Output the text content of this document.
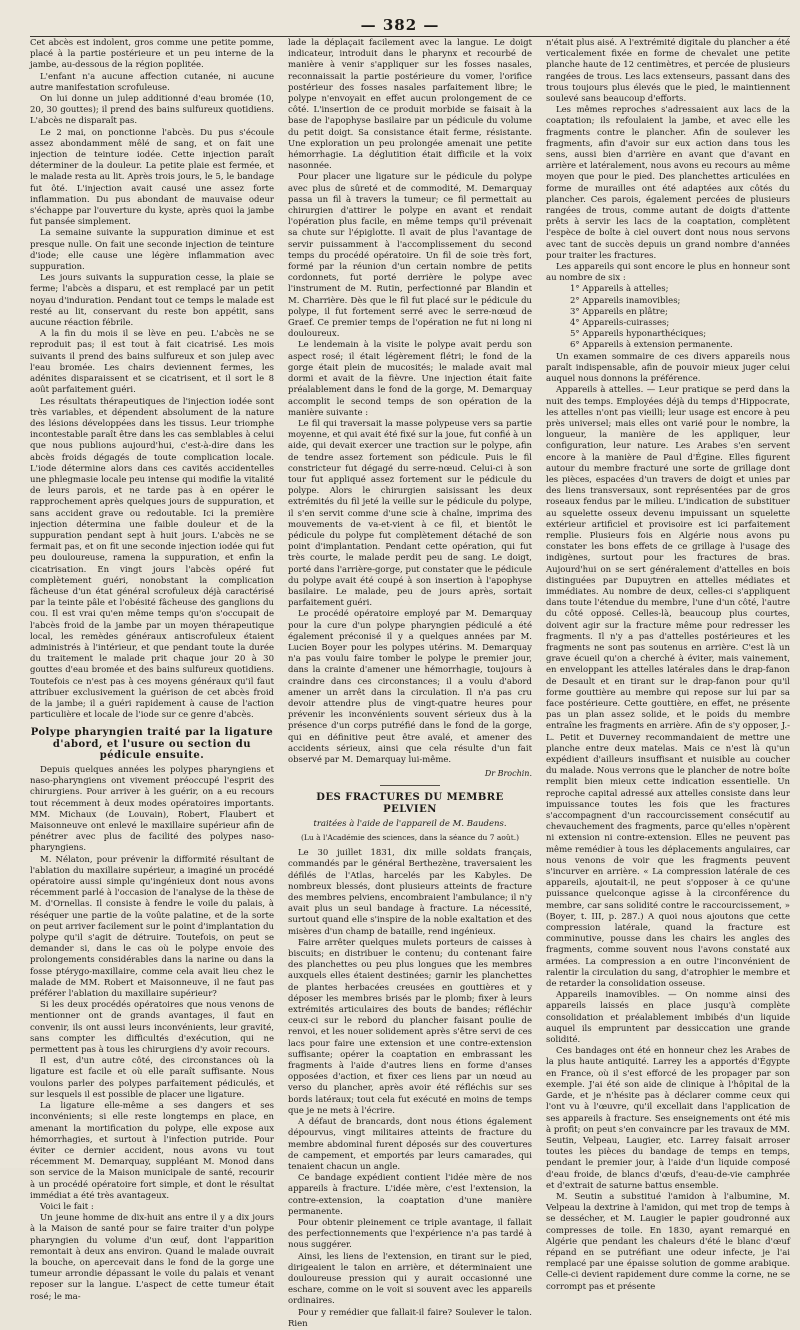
— 382 —

Cet abcès est indolent, gros comme une petite pomme, placé à la partie postérieure et un peu interne de la jambe, au-dessous de la région poplitée.

L'enfant n'a aucune affection cutanée, ni aucune autre manifestation scrofuleuse.

On lui donne un julep additionné d'eau bromée (10, 20, 30 gouttes); il prend des bains sulfureux quotidiens. L'abcès ne disparaît pas.

Le 2 mai, on ponctionne l'abcès. Du pus s'écoule assez abondamment mêlé de sang, et on fait une injection de teinture iodée. Cette injection paraît déterminer de la douleur. La petite plaie est fermée, et le malade resta au lit. Après trois jours, le 5, le bandage fut ôté. L'injection avait causé une assez forte inflammation. Du pus abondant de mauvaise odeur s'échappe par l'ouverture du kyste, après quoi la jambe fut pansée simplement.

La semaine suivante la suppuration diminue et est presque nulle. On fait une seconde injection de teinture d'iode; elle cause une légère inflammation avec suppuration.

Les jours suivants la suppuration cesse, la plaie se ferme; l'abcès a disparu, et est remplacé par un petit noyau d'induration. Pendant tout ce temps le malade est resté au lit, conservant du reste bon appétit, sans aucune réaction fébrile.

A la fin du mois il se lève en peu. L'abcès ne se reproduit pas; il est tout à fait cicatrisé. Les mois suivants il prend des bains sulfureux et son julep avec l'eau bromée. Les chairs deviennent fermes, les adénites disparaissent et se cicatrisent, et il sort le 8 août parfaitement guéri.

Les résultats thérapeutiques de l'injection iodée sont très variables, et dépendent absolument de la nature des lésions développées dans les tissus. Leur triomphe incontestable paraît être dans les cas semblables à celui que nous publions aujourd'hui, c'est-à-dire dans les abcès froids dégagés de toute complication locale. L'iode détermine alors dans ces cavités accidentelles une phlegmasie locale peu intense qui modifie la vitalité de leurs parois, et ne tarde pas à en opérer le rapprochement après quelques jours de suppuration, et sans accident grave ou redoutable. Ici la première injection détermina une faible douleur et de la suppuration pendant sept à huit jours. L'abcès ne se fermait pas, et on fit une seconde injection iodée qui fut peu douloureuse, ramena la suppuration, et enfin la cicatrisation. En vingt jours l'abcès opéré fut complètement guéri, nonobstant la complication fâcheuse d'un état général scrofuleux déjà caractérisé par la teinte pâle et l'obésité fâcheuse des ganglions du cou. Il est vrai qu'en même temps qu'on s'occupait de l'abcès froid de la jambe par un moyen thérapeutique local, les remèdes généraux antiscrofuleux étaient administrés à l'intérieur, et que pendant toute la durée du traitement le malade prit chaque jour 20 à 30 gouttes d'eau bromée et des bains sulfureux quotidiens. Toutefois ce n'est pas à ces moyens généraux qu'il faut attribuer exclusivement la guérison de cet abcès froid de la jambe; il a guéri rapidement à cause de l'action particulière et locale de l'iode sur ce genre d'abcès.

Polype pharyngien traité par la ligature d'abord, et l'usure ou section du pédicule ensuite.

Depuis quelques années les polypes pharyngiens et naso-pharyngiens ont vivement préoccupé l'esprit des chirurgiens. Pour arriver à les guérir, on a eu recours tout récemment à deux modes opératoires importants. MM. Michaux (de Louvain), Robert, Flaubert et Maisonneuve ont enlevé le maxillaire supérieur afin de pénétrer avec plus de facilité des polypes naso-pharyngiens.

M. Nélaton, pour prévenir la difformité résultant de l'ablation du maxillaire supérieur, a imaginé un procédé opératoire aussi simple qu'ingénieux dont nous avons récemment parlé à l'occasion de l'analyse de la thèse de M. d'Ornellas. Il consiste à fendre le voile du palais, à réséquer une partie de la voûte palatine, et de la sorte on peut arriver facilement sur le point d'implantation du polype qu'il s'agit de détruire. Toutefois, on peut se demander si, dans le cas où le polype envoie des prolongements considérables dans la narine ou dans la fosse ptérygo-maxillaire, comme cela avait lieu chez le malade de MM. Robert et Maisonneuve, il ne faut pas préférer l'ablation du maxillaire supérieur?

Si les deux procédés opératoires que nous venons de mentionner ont de grands avantages, il faut en convenir, ils ont aussi leurs inconvénients, leur gravité, sans compter les difficultés d'exécution, qui ne permettent pas à tous les chirurgiens d'y avoir recours.

Il est, d'un autre côté, des circonstances où la ligature est facile et où elle paraît suffisante. Nous voulons parler des polypes parfaitement pédiculés, et sur lesquels il est possible de placer une ligature.

La ligature elle-même a ses dangers et ses inconvénients; si elle reste longtemps en place, en amenant la mortification du polype, elle expose aux hémorrhagies, et surtout à l'infection putride. Pour éviter ce dernier accident, nous avons vu tout récemment M. Demarquay, suppléant M. Monod dans son service de la Maison municipale de santé, recourir à un procédé opératoire fort simple, et dont le résultat immédiat a été très avantageux.

Voici le fait :

Un jeune homme de dix-huit ans entre il y a dix jours à la Maison de santé pour se faire traiter d'un polype pharyngien du volume d'un œuf, dont l'apparition remontait à deux ans environ. Quand le malade ouvrait la bouche, on apercevait dans le fond de la gorge une tumeur arrondie dépassant le voile du palais et venant reposer sur la langue. L'aspect de cette tumeur était rosé; le ma-

lade la déplaçait facilement avec la langue. Le doigt indicateur, introduit dans le pharynx et recourbé de manière à venir s'appliquer sur les fosses nasales, reconnaissait la partie postérieure du vomer, l'orifice postérieur des fosses nasales parfaitement libre; le polype n'envoyait en effet aucun prolongement de ce côté. L'insertion de ce produit morbide se faisait à la base de l'apophyse basilaire par un pédicule du volume du petit doigt. Sa consistance était ferme, résistante. Une exploration un peu prolongée amenait une petite hémorrhagie. La déglutition était difficile et la voix nasonnée.

Pour placer une ligature sur le pédicule du polype avec plus de sûreté et de commodité, M. Demarquay passa un fil à travers la tumeur; ce fil permettait au chirurgien d'attirer le polype en avant et rendait l'opération plus facile, en même temps qu'il prévenait sa chute sur l'épiglotte. Il avait de plus l'avantage de servir puissamment à l'accomplissement du second temps du procédé opératoire. Un fil de soie très fort, formé par la réunion d'un certain nombre de petits cordonnets, fut porté derrière le polype avec l'instrument de M. Rutin, perfectionné par Blandin et M. Charrière. Dès que le fil fut placé sur le pédicule du polype, il fut fortement serré avec le serre-nœud de Graef. Ce premier temps de l'opération ne fut ni long ni douloureux.

Le lendemain à la visite le polype avait perdu son aspect rosé; il était légèrement flétri; le fond de la gorge était plein de mucosités; le malade avait mal dormi et avait de la fièvre. Une injection était faite préalablement dans le fond de la gorge, M. Demarquay accomplit le second temps de son opération de la manière suivante :

Le fil qui traversait la masse polypeuse vers sa partie moyenne, et qui avait été fixé sur la joue, fut confié à un aide, qui devait exercer une traction sur le polype, afin de tendre assez fortement son pédicule. Puis le fil constricteur fut dégagé du serre-nœud. Celui-ci à son tour fut appliqué assez fortement sur le pédicule du polype. Alors le chirurgien saisissant les deux extrémités du fil jeté la veille sur le pédicule du polype, il s'en servit comme d'une scie à chaîne, imprima des mouvements de va-et-vient à ce fil, et bientôt le pédicule du polype fut complètement détaché de son point d'implantation. Pendant cette opération, qui fut très courte, le malade perdit peu de sang. Le doigt, porté dans l'arrière-gorge, put constater que le pédicule du polype avait été coupé à son insertion à l'apophyse basilaire. Le malade, peu de jours après, sortait parfaitement guéri.

Le procédé opératoire employé par M. Demarquay pour la cure d'un polype pharyngien pédiculé a été également préconisé il y a quelques années par M. Lucien Boyer pour les polypes utérins. M. Demarquay n'a pas voulu faire tomber le polype le premier jour, dans la crainte d'amener une hémorrhagie, toujours à craindre dans ces circonstances; il a voulu d'abord amener un arrêt dans la circulation. Il n'a pas cru devoir attendre plus de vingt-quatre heures pour prévenir les inconvénients souvent sérieux dus à la présence d'un corps putréfié dans le fond de la gorge, qui en définitive peut être avalé, et amener des accidents sérieux, ainsi que cela résulte d'un fait observé par M. Demarquay lui-même.

Dr Brochin.
DES FRACTURES DU MEMBRE PELVIEN
traitées à l'aide de l'appareil de M. Baudens.
(Lu à l'Académie des sciences, dans la séance du 7 août.)

Le 30 juillet 1831, dix mille soldats français, commandés par le général Berthezène, traversaient les défilés de l'Atlas, harcelés par les Kabyles. De nombreux blessés, dont plusieurs atteints de fracture des membres pelviens, encombraient l'ambulance; il n'y avait plus un seul bandage à fracture. La nécessité, surtout quand elle s'inspire de la noble exaltation et des misères d'un champ de bataille, rend ingénieux.

Faire arrêter quelques mulets porteurs de caisses à biscuits; en distribuer le contenu; du contenant faire des planchettes ou peu plus longues que les membres auxquels elles étaient destinées; garnir les planchettes de plantes herbacées creusées en gouttières et y déposer les membres brisés par le plomb; fixer à leurs extrémités articulaires des bouts de bandes; réfléchir ceux-ci sur le rebord du plancher faisant poulie de renvoi, et les nouer solidement après s'être servi de ces lacs pour faire une extension et une contre-extension suffisante; opérer la coaptation en embrassant les fragments à l'aide d'autres liens en forme d'anses opposées d'action, et fixer ces liens par un nœud au verso du plancher, après avoir été réfléchis sur ses bords latéraux; tout cela fut exécuté en moins de temps que je ne mets à l'écrire.

A défaut de brancards, dont nous étions également dépourvus, vingt militaires atteints de fracture du membre abdominal furent déposés sur des couvertures de campement, et emportés par leurs camarades, qui tenaient chacun un angle.

Ce bandage expédient contient l'idée mère de nos appareils à fracture. L'idée mère, c'est l'extension, la contre-extension, la coaptation d'une manière permanente.

Pour obtenir pleinement ce triple avantage, il fallait des perfectionnements que l'expérience n'a pas tardé à nous suggérer.

Ainsi, les liens de l'extension, en tirant sur le pied, dirigeaient le talon en arrière, et déterminaient une douloureuse pression qui y aurait occasionné une eschare, comme on le voit si souvent avec les appareils ordinaires.

Pour y remédier que fallait-il faire? Soulever le talon. Rien

n'était plus aisé. A l'extrémité digitale du plancher a été verticalement fixée en forme de chevalet une petite planche haute de 12 centimètres, et percée de plusieurs rangées de trous. Les lacs extenseurs, passant dans des trous toujours plus élevés que le pied, le maintiennent soulevé sans beaucoup d'efforts.

Les mêmes reproches s'adressaient aux lacs de la coaptation; ils refoulaient la jambe, et avec elle les fragments contre le plancher. Afin de soulever les fragments, afin d'avoir sur eux action dans tous les sens, aussi bien d'arrière en avant que d'avant en arrière et latéralement, nous avons eu recours au même moyen que pour le pied. Des planchettes articulées en forme de murailles ont été adaptées aux côtés du plancher. Ces parois, également percées de plusieurs rangées de trous, comme autant de doigts d'attente prêts à servir les lacs de la coaptation, complètent l'espèce de boîte à ciel ouvert dont nous nous servons avec tant de succès depuis un grand nombre d'années pour traiter les fractures.

Les appareils qui sont encore le plus en honneur sont au nombre de six :

1° Appareils à attelles;

2° Appareils inamovibles;

3° Appareils en plâtre;

4° Appareils-cuirasses;

5° Appareils hyponarthéciques;

6° Appareils à extension permanente.

Un examen sommaire de ces divers appareils nous paraît indispensable, afin de pouvoir mieux juger celui auquel nous donnons la préférence.

Appareils à attelles. — Leur pratique se perd dans la nuit des temps. Employées déjà du temps d'Hippocrate, les attelles n'ont pas vieilli; leur usage est encore à peu près universel; mais elles ont varié pour le nombre, la longueur, la manière de les appliquer, leur configuration, leur nature. Les Arabes s'en servent encore à la manière de Paul d'Égine. Elles figurent autour du membre fracturé une sorte de grillage dont les pièces, espacées d'un travers de doigt et unies par des liens transversaux, sont représentées par de gros roseaux fendus par le milieu. L'indication de substituer au squelette osseux devenu impuissant un squelette extérieur artificiel et provisoire est ici parfaitement remplie. Plusieurs fois en Algérie nous avons pu constater les bons effets de ce grillage à l'usage des indigènes, surtout pour les fractures de bras. Aujourd'hui on se sert généralement d'attelles en bois distinguées par Dupuytren en attelles médiates et immédiates. Au nombre de deux, celles-ci s'appliquent dans toute l'étendue du membre, l'une d'un côté, l'autre du côté opposé. Celles-là, beaucoup plus courtes, doivent agir sur la fracture même pour redresser les fragments. Il n'y a pas d'attelles postérieures et les fragments ne sont pas soutenus en arrière. C'est là un grave écueil qu'on a cherché à éviter, mais vainement, en enveloppant les attelles latérales dans le drap-fanon de Desault et en tirant sur le drap-fanon pour qu'il forme gouttière au membre qui repose sur lui par sa face postérieure. Cette gouttière, en effet, ne présente pas un plan assez solide, et le poids du membre entraîne les fragments en arrière. Afin de s'y opposer, J.-L. Petit et Duverney recommandaient de mettre une planche entre deux matelas. Mais ce n'est là qu'un expédient d'ailleurs insuffisant et nuisible au coucher du malade. Nous verrons que le plancher de notre boîte remplit bien mieux cette indication essentielle. Un reproche capital adressé aux attelles consiste dans leur impuissance toutes les fois que les fractures s'accompagnent d'un raccourcissement consécutif au chevauchement des fragments, parce qu'elles n'opèrent ni extension ni contre-extension. Elles ne peuvent pas même remédier à tous les déplacements angulaires, car nous venons de voir que les fragments peuvent s'incurver en arrière. « La compression latérale de ces appareils, ajoutait-il, ne peut s'opposer à ce qu'une puissance quelconque agisse à la circonférence du membre, car sans solidité contre le raccourcissement, » (Boyer, t. III, p. 287.) A quoi nous ajoutons que cette compression latérale, quand la fracture est comminutive, pousse dans les chairs les angles des fragments, comme souvent nous l'avons constaté aux armées. La compression a en outre l'inconvénient de ralentir la circulation du sang, d'atrophier le membre et de retarder la consolidation osseuse.

Appareils inamovibles. — On nomme ainsi des appareils laissés en place jusqu'à complète consolidation et préalablement imbibés d'un liquide auquel ils empruntent par dessiccation une grande solidité.

Ces bandages ont été en honneur chez les Arabes de la plus haute antiquité. Larrey les a apportés d'Égypte en France, où il s'est efforcé de les propager par son exemple. J'ai été son aide de clinique à l'hôpital de la Garde, et je n'hésite pas à déclarer comme ceux qui l'ont vu à l'œuvre, qu'il excellait dans l'application de ses appareils à fracture. Ses enseignements ont été mis à profit; on peut s'en convaincre par les travaux de MM. Seutin, Velpeau, Laugier, etc. Larrey faisait arroser toutes les pièces du bandage de temps en temps, pendant le premier jour, à l'aide d'un liquide composé d'eau froide, de blancs d'œufs, d'eau-de-vie camphrée et d'extrait de saturne battus ensemble.

M. Seutin a substitué l'amidon à l'albumine, M. Velpeau la dextrine à l'amidon, qui met trop de temps à se dessécher, et M. Laugier le papier goudronné aux compresses de toile. En 1830, ayant remarqué en Algérie que pendant les chaleurs d'été le blanc d'œuf répand en se putréfiant une odeur infecte, je l'ai remplacé par une épaisse solution de gomme arabique. Celle-ci devient rapidement dure comme la corne, ne se corrompt pas et présente
